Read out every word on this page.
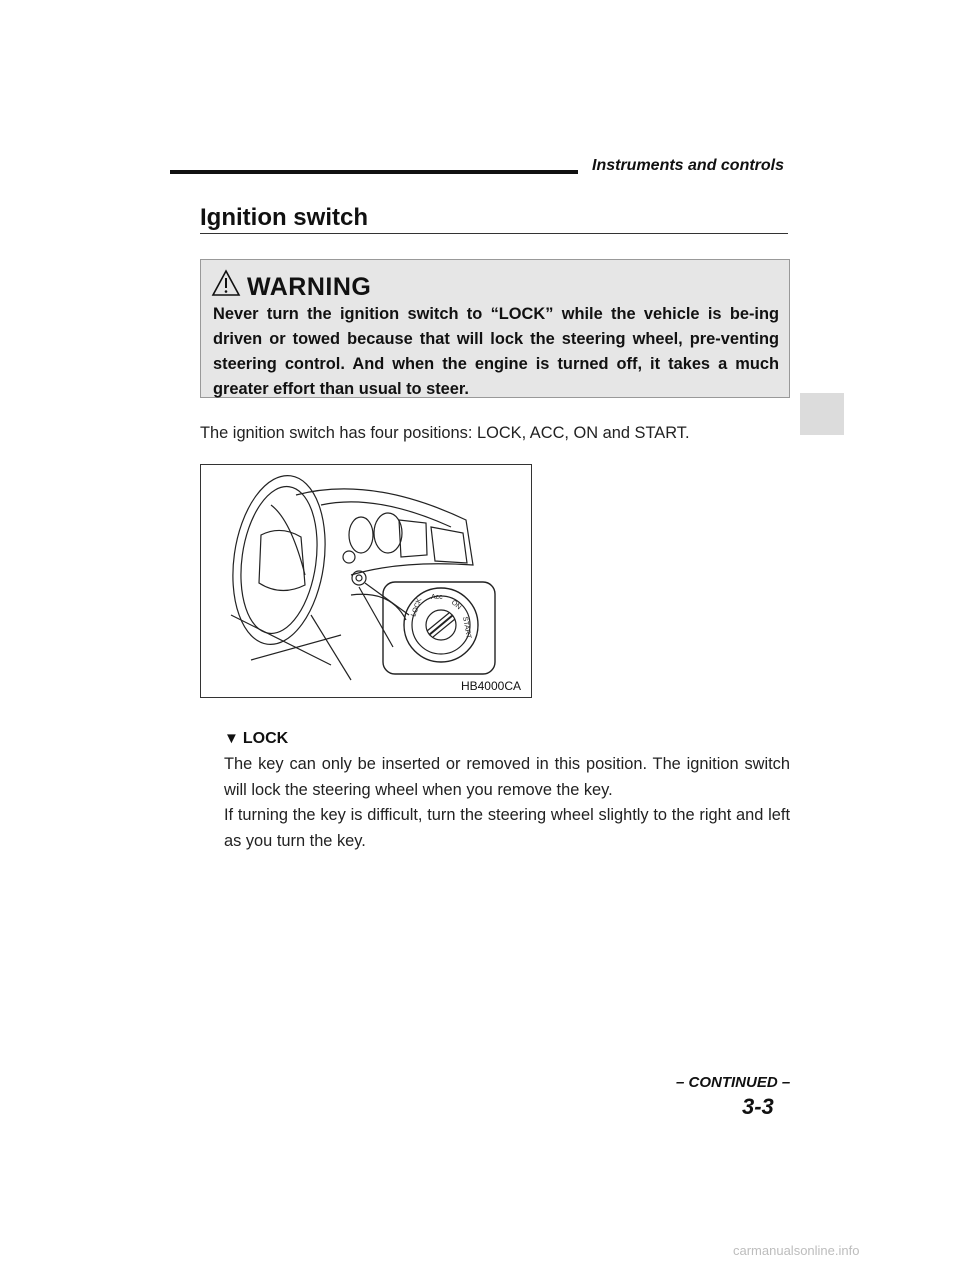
Instruments and controls
Ignition switch
WARNING
Never turn the ignition switch to “LOCK” while the vehicle is be-ing driven or towed because that will lock the steering wheel, pre-venting steering control. And when the engine is turned off, it takes a much greater effort than usual to steer.
The ignition switch has four positions: LOCK, ACC, ON and START.
LOCK Acc
ON
START
HB4000CA
▼ LOCK

The key can only be inserted or removed in this position. The ignition switch will lock the steering wheel when you remove the key.

If turning the key is difficult, turn the steering wheel slightly to the right and left as you turn the key.

– CONTINUED –
3-3
carmanualsonline.info
